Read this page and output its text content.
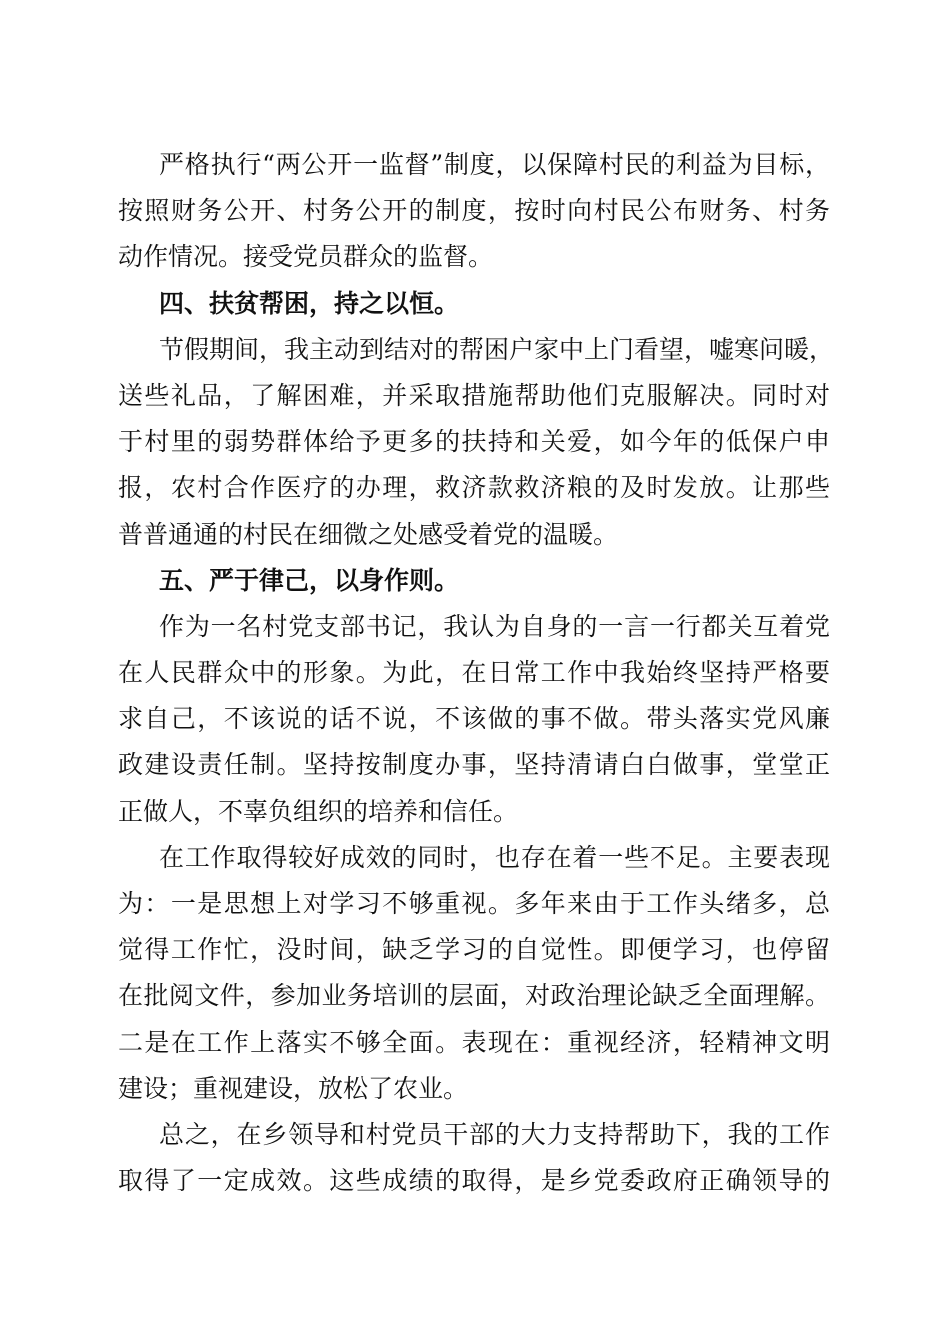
严格执行“两公开一监督”制度，以保障村民的利益为目标，
按照财务公开、村务公开的制度，按时向村民公布财务、村务
动作情况。接受党员群众的监督。
四、扶贫帮困，持之以恒。
节假期间，我主动到结对的帮困户家中上门看望，嘘寒问暖，
送些礼品，了解困难，并采取措施帮助他们克服解决。同时对
于村里的弱势群体给予更多的扶持和关爱，如今年的低保户申
报，农村合作医疗的办理，救济款救济粮的及时发放。让那些
普普通通的村民在细微之处感受着党的温暖。
五、严于律己，以身作则。
作为一名村党支部书记，我认为自身的一言一行都关互着党
在人民群众中的形象。为此，在日常工作中我始终坚持严格要
求自己，不该说的话不说，不该做的事不做。带头落实党风廉
政建设责任制。坚持按制度办事，坚持清请白白做事，堂堂正
正做人，不辜负组织的培养和信任。
在工作取得较好成效的同时，也存在着一些不足。主要表现
为：一是思想上对学习不够重视。多年来由于工作头绪多，总
觉得工作忙，没时间，缺乏学习的自觉性。即便学习，也停留
在批阅文件，参加业务培训的层面，对政治理论缺乏全面理解。
二是在工作上落实不够全面。表现在：重视经济，轻精神文明
建设；重视建设，放松了农业。
总之，在乡领导和村党员干部的大力支持帮助下，我的工作
取得了一定成效。这些成绩的取得，是乡党委政府正确领导的
